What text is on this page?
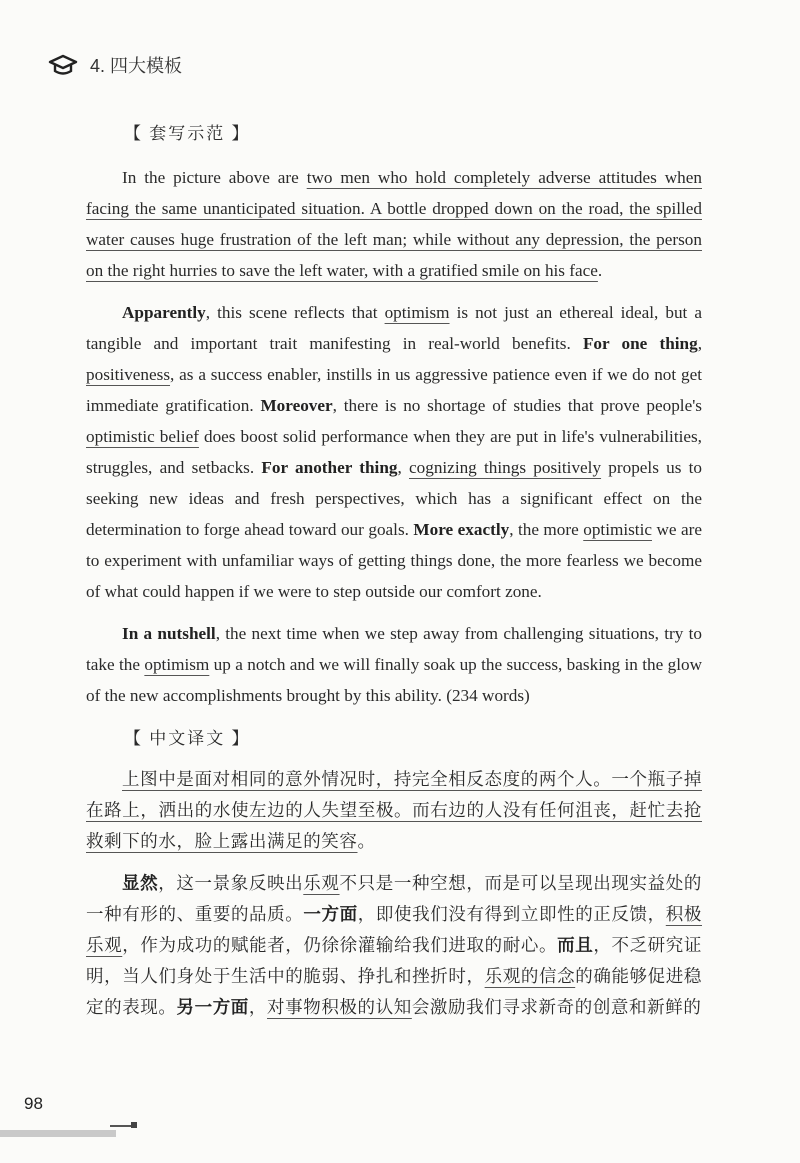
4. 四大模板
【 套写示范 】

In the picture above are two men who hold completely adverse attitudes when facing the same unanticipated situation. A bottle dropped down on the road, the spilled water causes huge frustration of the left man; while without any depression, the person on the right hurries to save the left water, with a gratified smile on his face.

Apparently, this scene reflects that optimism is not just an ethereal ideal, but a tangible and important trait manifesting in real-world benefits. For one thing, positiveness, as a success enabler, instills in us aggressive patience even if we do not get immediate gratification. Moreover, there is no shortage of studies that prove people's optimistic belief does boost solid performance when they are put in life's vulnerabilities, struggles, and setbacks. For another thing, cognizing things positively propels us to seeking new ideas and fresh perspectives, which has a significant effect on the determination to forge ahead toward our goals. More exactly, the more optimistic we are to experiment with unfamiliar ways of getting things done, the more fearless we become of what could happen if we were to step outside our comfort zone.

In a nutshell, the next time when we step away from challenging situations, try to take the optimism up a notch and we will finally soak up the success, basking in the glow of the new accomplishments brought by this ability. (234 words)

【 中文译文 】

上图中是面对相同的意外情况时，持完全相反态度的两个人。一个瓶子掉在路上，洒出的水使左边的人失望至极。而右边的人没有任何沮丧，赶忙去抢救剩下的水，脸上露出满足的笑容。

显然，这一景象反映出乐观不只是一种空想，而是可以呈现出现实益处的一种有形的、重要的品质。一方面，即使我们没有得到立即性的正反馈，积极乐观，作为成功的赋能者，仍徐徐灌输给我们进取的耐心。而且，不乏研究证明，当人们身处于生活中的脆弱、挣扎和挫折时，乐观的信念的确能够促进稳定的表现。另一方面，对事物积极的认知会激励我们寻求新奇的创意和新鲜的

98
